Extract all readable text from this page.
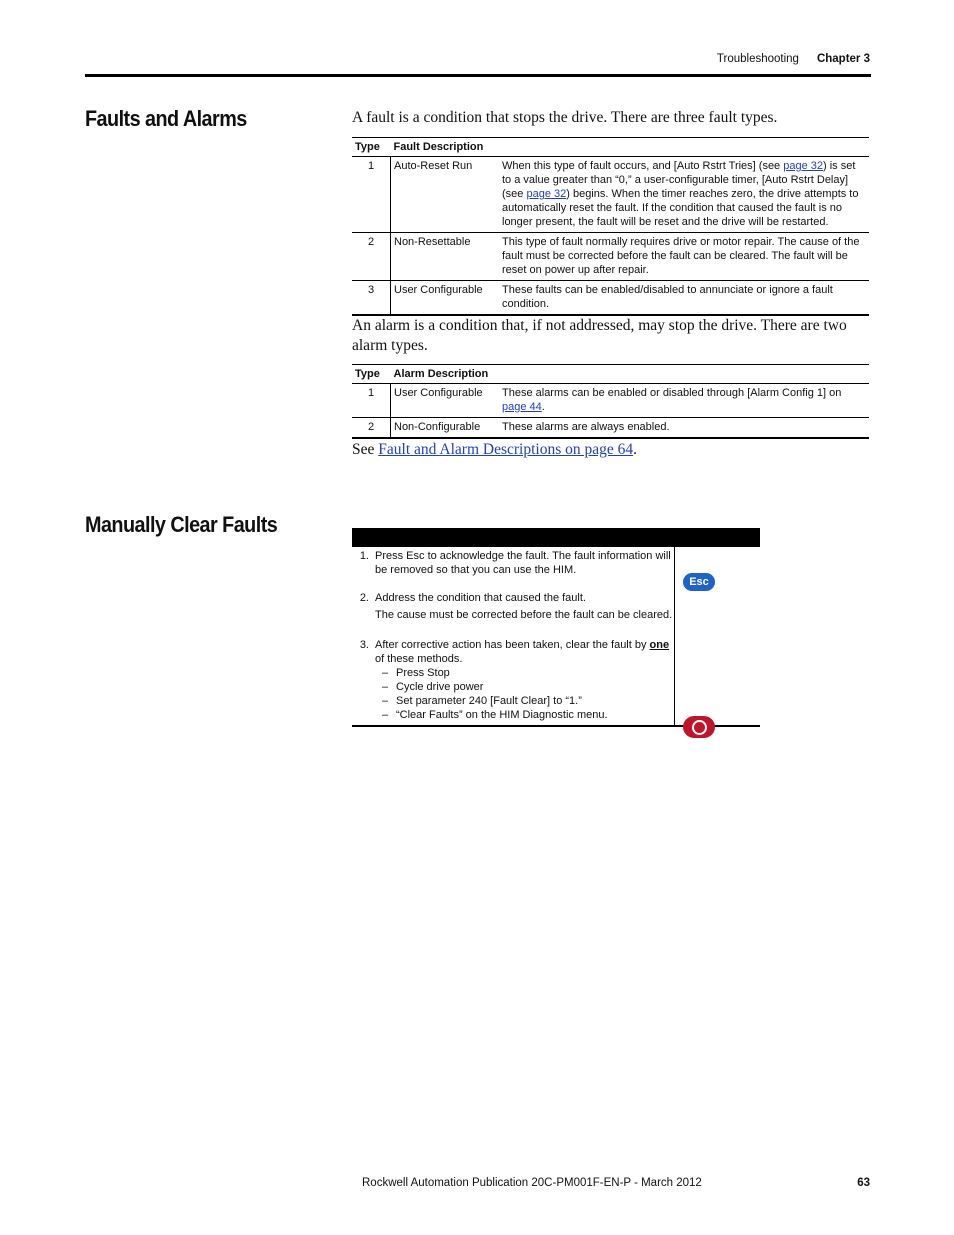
Troubleshooting Chapter 3
Faults and Alarms	A fault is a condition that stops the drive. There are three fault types.
Type	Fault Description	
1	Auto-Reset Run	When this type of fault occurs, and [Auto Rstrt Tries] (see page 32) is set to a value greater than “0,” a user-configurable timer, [Auto Rstrt Delay] (see page 32) begins. When the timer reaches zero, the drive attempts to automatically reset the fault. If the condition that caused the fault is no longer present, the fault will be reset and the drive will be restarted.
2	Non-Resettable	This type of fault normally requires drive or motor repair. The cause of the fault must be corrected before the fault can be cleared. The fault will be reset on power up after repair.
3	User Configurable	These faults can be enabled/disabled to annunciate or ignore a fault condition.
An alarm is a condition that, if not addressed, may stop the drive. There are two alarm types.
Type	Alarm Description	
1	User Configurable	These alarms can be enabled or disabled through [Alarm Config 1] on page 44.
2	Non-Configurable	These alarms are always enabled.
See Fault and Alarm Descriptions on page 64.
Manually Clear Faults
1. Press Esc to acknowledge the fault. The fault information will be removed so that you can use the HIM.
2. Address the condition that caused the fault.
The cause must be corrected before the fault can be cleared.
3. After corrective action has been taken, clear the fault by one of these methods.
– Press Stop
– Cycle drive power
– Set parameter 240 [Fault Clear] to “1.”
– “Clear Faults” on the HIM Diagnostic menu.
Esc
Rockwell Automation Publication 20C-PM001F-EN-P - March 2012	63
